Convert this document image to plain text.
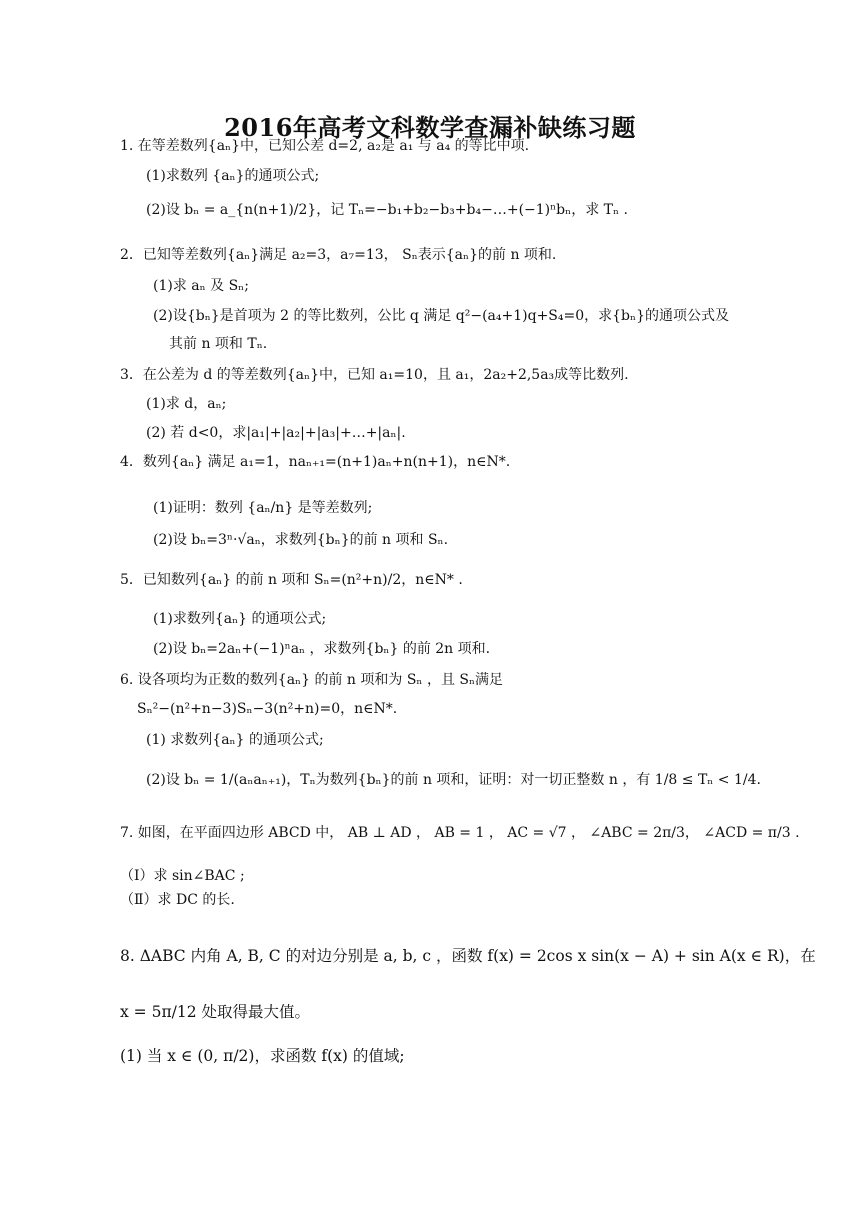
2016年高考文科数学查漏补缺练习题
1. 在等差数列{aₙ}中，已知公差 d=2, a₂是 a₁ 与 a₄ 的等比中项.
(1)求数列 {aₙ}的通项公式;
(2)设 bₙ = a_{n(n+1)/2}，记 Tₙ=−b₁+b₂−b₃+b₄−…+(−1)ⁿbₙ，求 Tₙ .
2．已知等差数列{aₙ}满足 a₂=3，a₇=13， Sₙ表示{aₙ}的前 n 项和.
(1)求 aₙ 及 Sₙ;
(2)设{bₙ}是首项为 2 的等比数列，公比 q 满足 q²−(a₄+1)q+S₄=0，求{bₙ}的通项公式及
其前 n 项和 Tₙ.
3．在公差为 d 的等差数列{aₙ}中，已知 a₁=10，且 a₁，2a₂+2,5a₃成等比数列.
(1)求 d，aₙ;
(2) 若 d<0，求|a₁|+|a₂|+|a₃|+…+|aₙ|.
4．数列{aₙ} 满足 a₁=1，naₙ₊₁=(n+1)aₙ+n(n+1)，n∈N*.
(1)证明：数列 {aₙ/n} 是等差数列;
(2)设 bₙ=3ⁿ·√aₙ，求数列{bₙ}的前 n 项和 Sₙ.
5．已知数列{aₙ} 的前 n 项和 Sₙ=(n²+n)/2，n∈N* .
(1)求数列{aₙ} 的通项公式;
(2)设 bₙ=2aₙ+(−1)ⁿaₙ ，求数列{bₙ} 的前 2n 项和.
6. 设各项均为正数的数列{aₙ} 的前 n 项和为 Sₙ ，且 Sₙ满足
Sₙ²−(n²+n−3)Sₙ−3(n²+n)=0，n∈N*.
(1) 求数列{aₙ} 的通项公式;
(2)设 bₙ = 1/(aₙaₙ₊₁)，Tₙ为数列{bₙ}的前 n 项和，证明：对一切正整数 n ，有 1/8 ≤ Tₙ < 1/4.
7. 如图，在平面四边形 ABCD 中， AB ⊥ AD ， AB = 1 ， AC = √7 ， ∠ABC = 2π/3， ∠ACD = π/3 .
（Ⅰ）求 sin∠BAC ;
（Ⅱ）求 DC 的长.
8. ΔABC 内角 A, B, C 的对边分别是 a, b, c ，函数 f(x) = 2cos x sin(x − A) + sin A(x ∈ R)，在
x = 5π/12 处取得最大值。
(1) 当 x ∈ (0, π/2)，求函数 f(x) 的值域;
